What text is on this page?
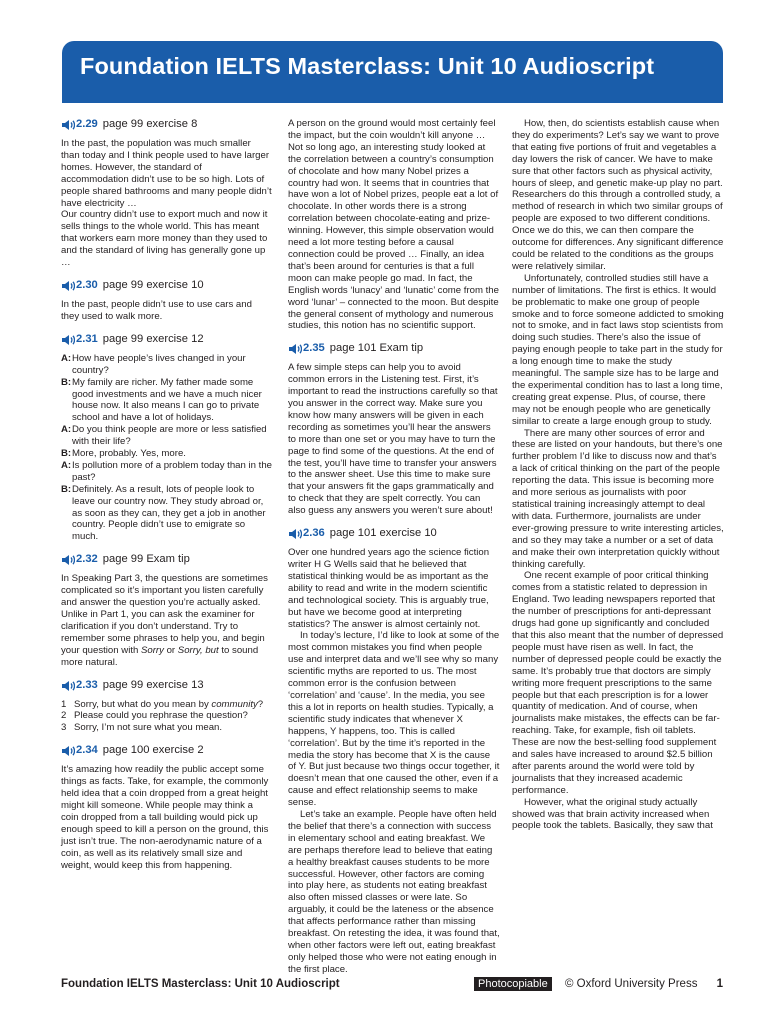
Foundation IELTS Masterclass: Unit 10 Audioscript
2.29 page 99 exercise 8

In the past, the population was much smaller than today and I think people used to have larger homes. However, the standard of accommodation didn’t use to be so high. Lots of people shared bathrooms and many people didn’t have electricity …

Our country didn’t use to export much and now it sells things to the whole world. This has meant that workers earn more money than they used to and the standard of living has generally gone up …

2.30 page 99 exercise 10

In the past, people didn’t use to use cars and they used to walk more.

2.31 page 99 exercise 12
A: How have people’s lives changed in your country?
B: My family are richer. My father made some good investments and we have a much nicer house now. It also means I can go to private school and have a lot of holidays.
A: Do you think people are more or less satisfied with their life?
B: More, probably. Yes, more.
A: Is pollution more of a problem today than in the past?
B: Definitely. As a result, lots of people look to leave our country now. They study abroad or, as soon as they can, they get a job in another country. People didn’t use to emigrate so much.
2.32 page 99 Exam tip

In Speaking Part 3, the questions are sometimes complicated so it’s important you listen carefully and answer the question you’re actually asked. Unlike in Part 1, you can ask the examiner for clarification if you don’t understand. Try to remember some phrases to help you, and begin your question with Sorry or Sorry, but to sound more natural.

2.33 page 99 exercise 13
1 Sorry, but what do you mean by community?
2 Please could you rephrase the question?
3 Sorry, I’m not sure what you mean.
2.34 page 100 exercise 2

It’s amazing how readily the public accept some things as facts. Take, for example, the commonly held idea that a coin dropped from a great height might kill someone. While people may think a coin dropped from a tall building would pick up enough speed to kill a person on the ground, this just isn’t true. The non-aerodynamic nature of a coin, as well as its relatively small size and weight, would keep this from happening.

A person on the ground would most certainly feel the impact, but the coin wouldn’t kill anyone … Not so long ago, an interesting study looked at the correlation between a country’s consumption of chocolate and how many Nobel prizes a country had won. It seems that in countries that have won a lot of Nobel prizes, people eat a lot of chocolate. In other words there is a strong correlation between chocolate-eating and prize-winning. However, this simple observation would need a lot more testing before a causal connection could be proved … Finally, an idea that’s been around for centuries is that a full moon can make people go mad. In fact, the English words ‘lunacy’ and ‘lunatic’ come from the word ‘lunar’ – connected to the moon. But despite the general consent of mythology and numerous studies, this notion has no scientific support.

2.35 page 101 Exam tip

A few simple steps can help you to avoid common errors in the Listening test. First, it’s important to read the instructions carefully so that you answer in the correct way. Make sure you know how many answers will be given in each recording as sometimes you’ll hear the answers to more than one set or you may have to turn the page to find some of the questions. At the end of the test, you’ll have time to transfer your answers to the answer sheet. Use this time to make sure that your answers fit the gaps grammatically and to check that they are spelt correctly. You can also guess any answers you weren’t sure about!

2.36 page 101 exercise 10

Over one hundred years ago the science fiction writer H G Wells said that he believed that statistical thinking would be as important as the ability to read and write in the modern scientific and technological society. This is arguably true, but have we become good at interpreting statistics? The answer is almost certainly not.

In today’s lecture, I’d like to look at some of the most common mistakes you find when people use and interpret data and we’ll see why so many scientific myths are reported to us. The most common error is the confusion between ‘correlation’ and ‘cause’. In the media, you see this a lot in reports on health studies. Typically, a scientific study indicates that whenever X happens, Y happens, too. This is called ‘correlation’. But by the time it’s reported in the media the story has become that X is the cause of Y. But just because two things occur together, it doesn’t mean that one caused the other, even if a cause and effect relationship seems to make sense.

Let’s take an example. People have often held the belief that there’s a connection with success in elementary school and eating breakfast. We are perhaps therefore lead to believe that eating a healthy breakfast causes students to be more successful. However, other factors are coming into play here, as students not eating breakfast also often missed classes or were late. So arguably, it could be the lateness or the absence that affects performance rather than missing breakfast. On retesting the idea, it was found that, when other factors were left out, eating breakfast only helped those who were not eating enough in the first place.

How, then, do scientists establish cause when they do experiments? Let’s say we want to prove that eating five portions of fruit and vegetables a day lowers the risk of cancer. We have to make sure that other factors such as physical activity, hours of sleep, and genetic make-up play no part. Researchers do this through a controlled study, a method of research in which two similar groups of people are exposed to two different conditions. Once we do this, we can then compare the outcome for differences. Any significant difference could be related to the conditions as the groups were relatively similar.

Unfortunately, controlled studies still have a number of limitations. The first is ethics. It would be problematic to make one group of people smoke and to force someone addicted to smoking not to smoke, and in fact laws stop scientists from doing such studies. There’s also the issue of paying enough people to take part in the study for a long enough time to make the study meaningful. The sample size has to be large and the experimental condition has to last a long time, creating great expense. Plus, of course, there may not be enough people who are genetically similar to create a large enough group to study.

There are many other sources of error and these are listed on your handouts, but there’s one further problem I’d like to discuss now and that’s a lack of critical thinking on the part of the people reporting the data. This issue is becoming more and more serious as journalists with poor statistical training increasingly attempt to deal with data. Furthermore, journalists are under ever-growing pressure to write interesting articles, and so they may take a number or a set of data and make their own interpretation quickly without thinking carefully.

One recent example of poor critical thinking comes from a statistic related to depression in England. Two leading newspapers reported that the number of prescriptions for anti-depressant drugs had gone up significantly and concluded that this also meant that the number of depressed people must have risen as well. In fact, the number of depressed people could be exactly the same. It’s probably true that doctors are simply writing more frequent prescriptions to the same people but that each prescription is for a lower quantity of medication. And of course, when journalists make mistakes, the effects can be far-reaching. Take, for example, fish oil tablets. These are now the best-selling food supplement and sales have increased to around $2.5 billion after parents around the world were told by journalists that they increased academic performance.

However, what the original study actually showed was that brain activity increased when people took the tablets. Basically, they saw that

Foundation IELTS Masterclass: Unit 10 Audioscript	Photocopiable	© Oxford University Press 1
